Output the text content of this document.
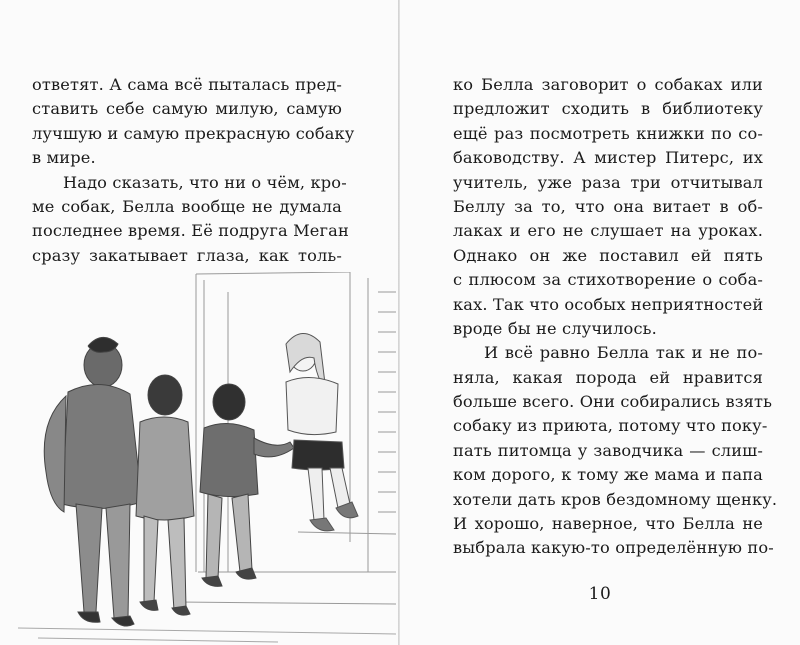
ответят. А сама всё пыталась пред-
ставить себе самую милую, самую
лучшую и самую прекрасную собаку
в мире.
Надо сказать, что ни о чём, кро-
ме собак, Белла вообще не думала
последнее время. Её подруга Меган
сразу закатывает глаза, как толь-
ко Белла заговорит о собаках или
предложит сходить в библиотеку
ещё раз посмотреть книжки по со-
баководству. А мистер Питерс, их
учитель, уже раза три отчитывал
Беллу за то, что она витает в об-
лаках и его не слушает на уроках.
Однако он же поставил ей пять
с плюсом за стихотворение о соба-
ках. Так что особых неприятностей
вроде бы не случилось.
И всё равно Белла так и не по-
няла, какая порода ей нравится
больше всего. Они собирались взять
собаку из приюта, потому что поку-
пать питомца у заводчика — слиш-
ком дорого, к тому же мама и папа
хотели дать кров бездомному щенку.
И хорошо, наверное, что Белла не
выбрала какую-то определённую по-
10
